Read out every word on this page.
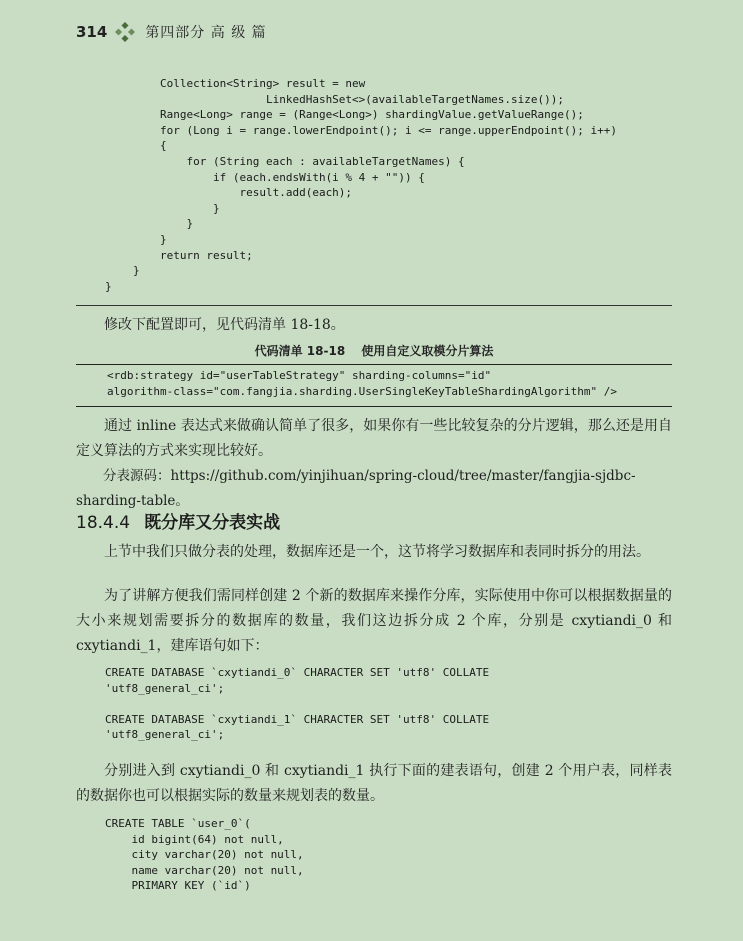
314	第四部分 高 级 篇
Collection<String> result = new
LinkedHashSet<>(availableTargetNames.size());
Range<Long> range = (Range<Long>) shardingValue.getValueRange();
for (Long i = range.lowerEndpoint(); i <= range.upperEndpoint(); i++)
{
for (String each : availableTargetNames) {
if (each.endsWith(i % 4 + "")) {
result.add(each);
}
}
}
return result;
}
}

修改下配置即可，见代码清单 18-18。

代码清单 18-18 使用自定义取模分片算法
<rdb:strategy id="userTableStrategy" sharding-columns="id"
algorithm-class="com.fangjia.sharding.UserSingleKeyTableShardingAlgorithm" />

通过 inline 表达式来做确认简单了很多，如果你有一些比较复杂的分片逻辑，那么还是用自定义算法的方式来实现比较好。

分表源码：https://github.com/yinjihuan/spring-cloud/tree/master/fangjia-sjdbc-sharding-table。

18.4.4 既分库又分表实战

上节中我们只做分表的处理，数据库还是一个，这节将学习数据库和表同时拆分的用法。

为了讲解方便我们需同样创建 2 个新的数据库来操作分库，实际使用中你可以根据数据量的大小来规划需要拆分的数据库的数量，我们这边拆分成 2 个库，分别是 cxytiandi_0 和 cxytiandi_1，建库语句如下：

CREATE DATABASE `cxytiandi_0` CHARACTER SET 'utf8' COLLATE
'utf8_general_ci';

CREATE DATABASE `cxytiandi_1` CHARACTER SET 'utf8' COLLATE
'utf8_general_ci';

分别进入到 cxytiandi_0 和 cxytiandi_1 执行下面的建表语句，创建 2 个用户表，同样表的数据你也可以根据实际的数量来规划表的数量。

CREATE TABLE `user_0`(
id bigint(64) not null,
city varchar(20) not null,
name varchar(20) not null,
PRIMARY KEY (`id`)
